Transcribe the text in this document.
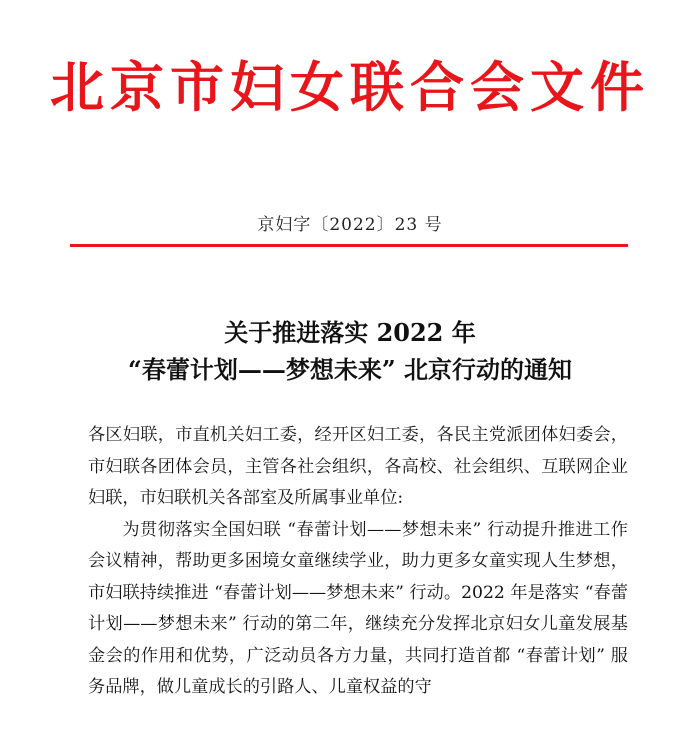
北京市妇女联合会文件
京妇字〔2022〕23 号
关于推进落实 2022 年
“春蕾计划——梦想未来” 北京行动的通知

各区妇联，市直机关妇工委，经开区妇工委，各民主党派团体妇委会，市妇联各团体会员，主管各社会组织，各高校、社会组织、互联网企业妇联，市妇联机关各部室及所属事业单位:

为贯彻落实全国妇联 “春蕾计划——梦想未来” 行动提升推进工作会议精神，帮助更多困境女童继续学业，助力更多女童实现人生梦想，市妇联持续推进 “春蕾计划——梦想未来” 行动。2022 年是落实 “春蕾计划——梦想未来” 行动的第二年，继续充分发挥北京妇女儿童发展基金会的作用和优势，广泛动员各方力量，共同打造首都 “春蕾计划” 服务品牌，做儿童成长的引路人、儿童权益的守
